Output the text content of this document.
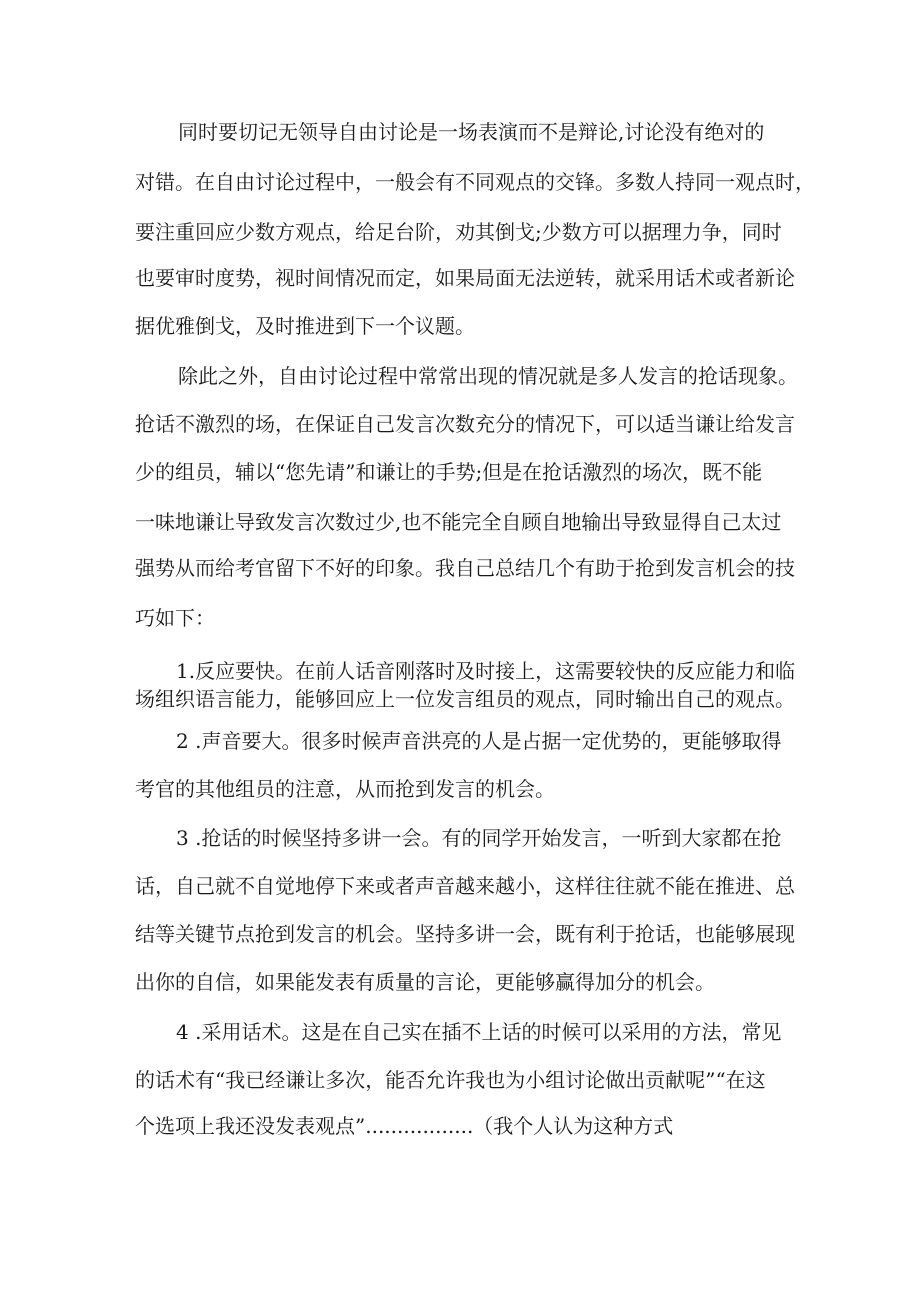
同时要切记无领导自由讨论是一场表演而不是辩论,讨论没有绝对的
对错。在自由讨论过程中，一般会有不同观点的交锋。多数人持同一观点时，
要注重回应少数方观点，给足台阶，劝其倒戈;少数方可以据理力争，同时
也要审时度势，视时间情况而定，如果局面无法逆转，就采用话术或者新论
据优雅倒戈，及时推进到下一个议题。
除此之外，自由讨论过程中常常出现的情况就是多人发言的抢话现象。
抢话不激烈的场，在保证自己发言次数充分的情况下，可以适当谦让给发言
少的组员，辅以“您先请”和谦让的手势;但是在抢话激烈的场次，既不能
一味地谦让导致发言次数过少,也不能完全自顾自地输出导致显得自己太过
强势从而给考官留下不好的印象。我自己总结几个有助于抢到发言机会的技
巧如下：
1.反应要快。在前人话音刚落时及时接上，这需要较快的反应能力和临
场组织语言能力，能够回应上一位发言组员的观点，同时输出自己的观点。
2 .声音要大。很多时候声音洪亮的人是占据一定优势的，更能够取得
考官的其他组员的注意，从而抢到发言的机会。
3 .抢话的时候坚持多讲一会。有的同学开始发言，一听到大家都在抢
话，自己就不自觉地停下来或者声音越来越小，这样往往就不能在推进、总
结等关键节点抢到发言的机会。坚持多讲一会，既有利于抢话，也能够展现
出你的自信，如果能发表有质量的言论，更能够赢得加分的机会。
4 .采用话术。这是在自己实在插不上话的时候可以采用的方法，常见
的话术有“我已经谦让多次，能否允许我也为小组讨论做出贡献呢”“在这
个选项上我还没发表观点”.................（我个人认为这种方式
